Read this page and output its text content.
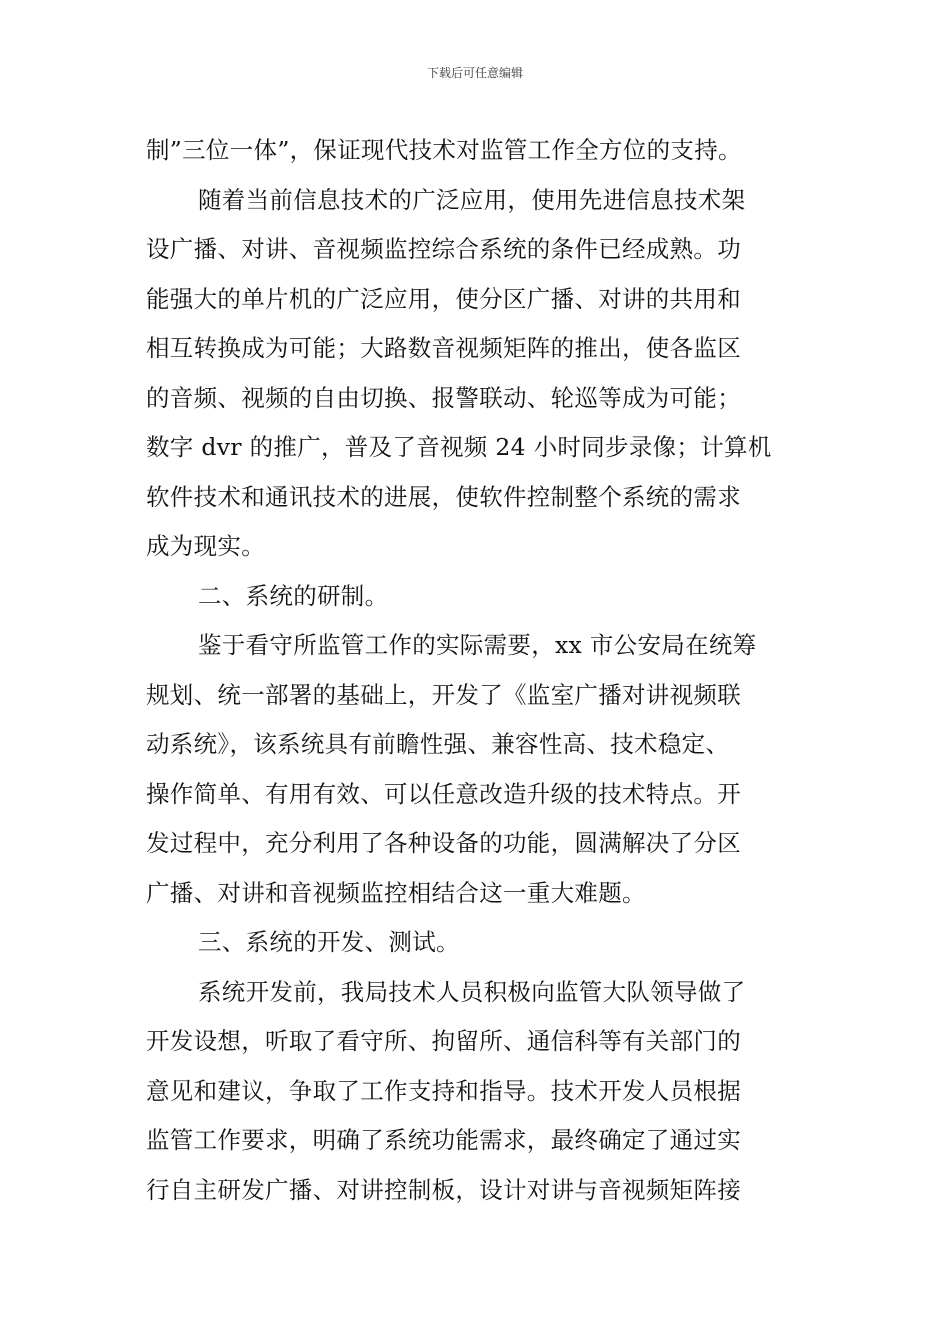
下载后可任意编辑
制”三位一体”，保证现代技术对监管工作全方位的支持。
随着当前信息技术的广泛应用，使用先进信息技术架
设广播、对讲、音视频监控综合系统的条件已经成熟。功
能强大的单片机的广泛应用，使分区广播、对讲的共用和
相互转换成为可能；大路数音视频矩阵的推出，使各监区
的音频、视频的自由切换、报警联动、轮巡等成为可能；
数字 dvr 的推广，普及了音视频 24 小时同步录像；计算机
软件技术和通讯技术的进展，使软件控制整个系统的需求
成为现实。
二、系统的研制。
鉴于看守所监管工作的实际需要，xx 市公安局在统筹
规划、统一部署的基础上，开发了《监室广播对讲视频联
动系统》，该系统具有前瞻性强、兼容性高、技术稳定、
操作简单、有用有效、可以任意改造升级的技术特点。开
发过程中，充分利用了各种设备的功能，圆满解决了分区
广播、对讲和音视频监控相结合这一重大难题。
三、系统的开发、测试。
系统开发前，我局技术人员积极向监管大队领导做了
开发设想，听取了看守所、拘留所、通信科等有关部门的
意见和建议，争取了工作支持和指导。技术开发人员根据
监管工作要求，明确了系统功能需求，最终确定了通过实
行自主研发广播、对讲控制板，设计对讲与音视频矩阵接
